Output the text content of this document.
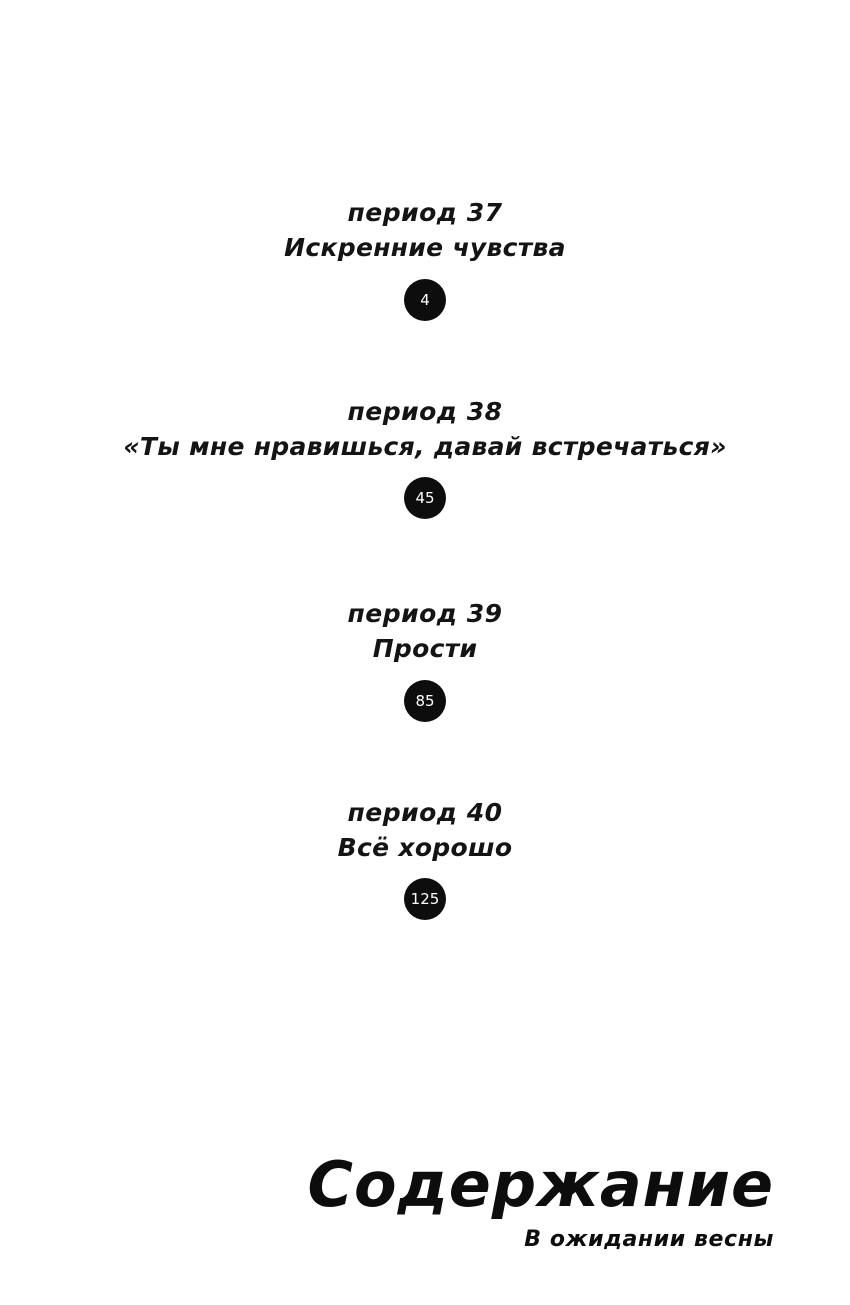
период 37
Искренние чувства
4
период 38
«Ты мне нравишься, давай встречаться»
45
период 39
Прости
85
период 40
Всё хорошо
125
Содержание
В ожидании весны
